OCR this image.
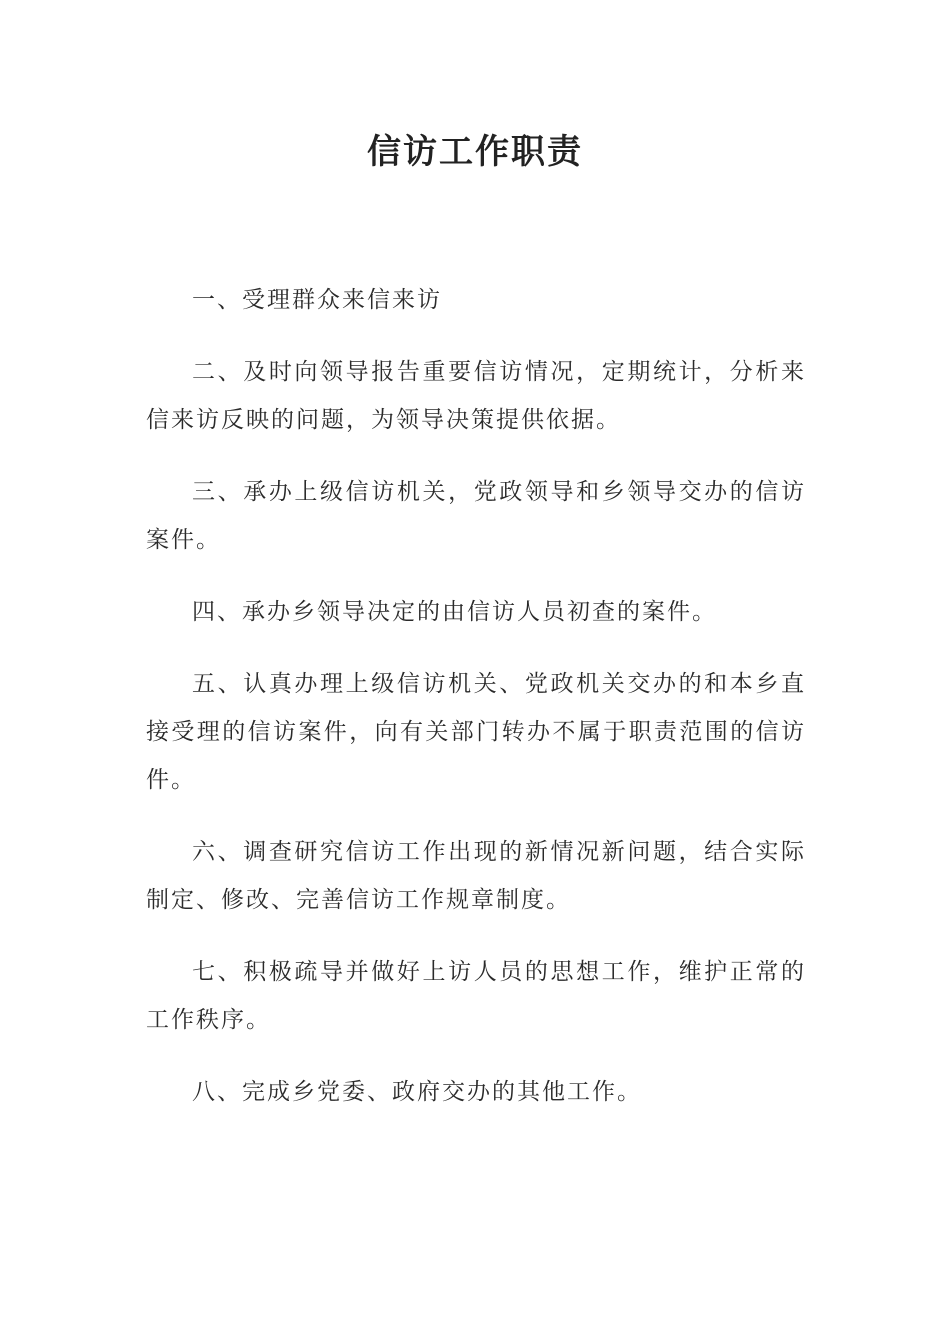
信访工作职责

一、受理群众来信来访

二、及时向领导报告重要信访情况，定期统计，分析来信来访反映的问题，为领导决策提供依据。

三、承办上级信访机关，党政领导和乡领导交办的信访案件。

四、承办乡领导决定的由信访人员初查的案件。

五、认真办理上级信访机关、党政机关交办的和本乡直接受理的信访案件，向有关部门转办不属于职责范围的信访件。

六、调查研究信访工作出现的新情况新问题，结合实际制定、修改、完善信访工作规章制度。

七、积极疏导并做好上访人员的思想工作，维护正常的工作秩序。

八、完成乡党委、政府交办的其他工作。
